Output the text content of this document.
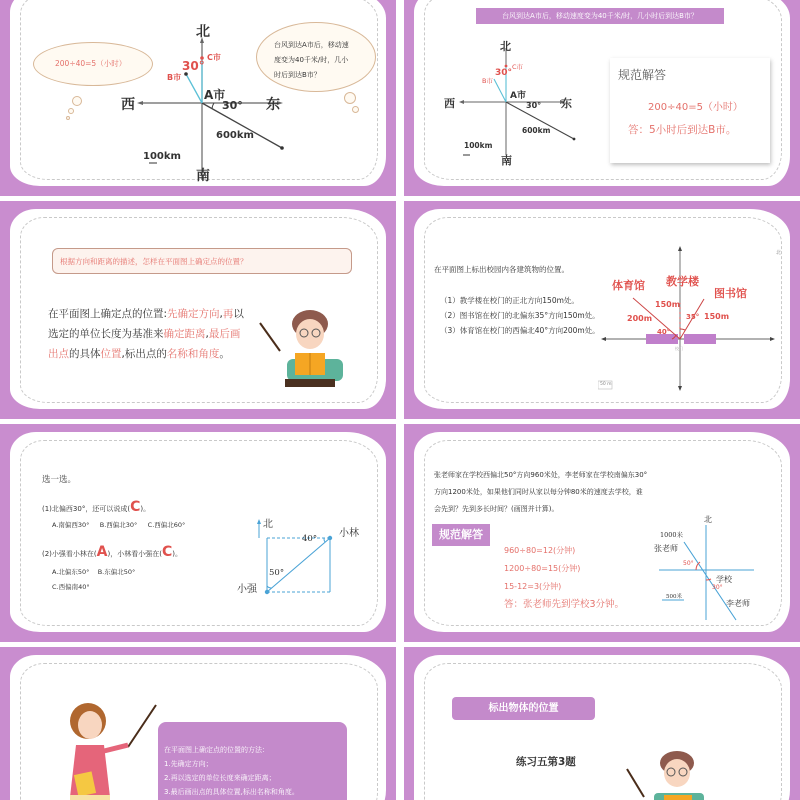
200÷40=5（小时）
台风到达A市后，移动速
度变为40千米/时，几小
时后到达B市？
北
南
东
西
A市
B市
C市
30°
30°
600km
100km
台风到达A市后，移动速度变为40千米/时，几小时后到达B市？
北
南
东
西
A市
B市
C市
30°
30°
600km
100km
规范解答
200÷40=5（小时）
答：5小时后到达B市。
根据方向和距离的描述，怎样在平面图上确定点的位置？
在平面图上确定点的位置:先确定方向,再以选定的单位长度为基准来确定距离,最后画出点的具体位置,标出点的名称和角度。
在平面图上标出校园内各建筑物的位置。
（1）教学楼在校门的正北方向150m处。
（2）图书馆在校门的北偏东35°方向150m处。
（3）体育馆在校门的西偏北40°方向200m处。
体育馆 教学楼
图书馆
200m
150m
150m
40°
35°
校门
50 m
北
选一选。
(1)北偏西30°，还可以说成(C)。
A.南偏西30° B.西偏北30° C.西偏北60°
(2)小强看小林在(A)，小林看小强在(C)。
A.北偏东50° B.东偏北50°
C.西偏南40°
北
小林
小强
40°
50°
张老师家在学校西偏北50°方向960米处，李老师家在学校南偏东30°
方向1200米处，如果他们同时从家以每分钟80米的速度去学校，谁
会先到？先到多长时间？(画图并计算)。
规范解答
960÷80=12(分钟)
1200÷80=15(分钟)
15-12=3(分钟)
答：张老师先到学校3分钟。
北
1000米
张老师
学校
李老师
500米
50°
30°
在平面图上确定点的位置的方法：
1.先确定方向；
2.再以选定的单位长度来确定距离；
3.最后画出点的具体位置,标出名称和角度。
标出物体的位置
练习五第3题
